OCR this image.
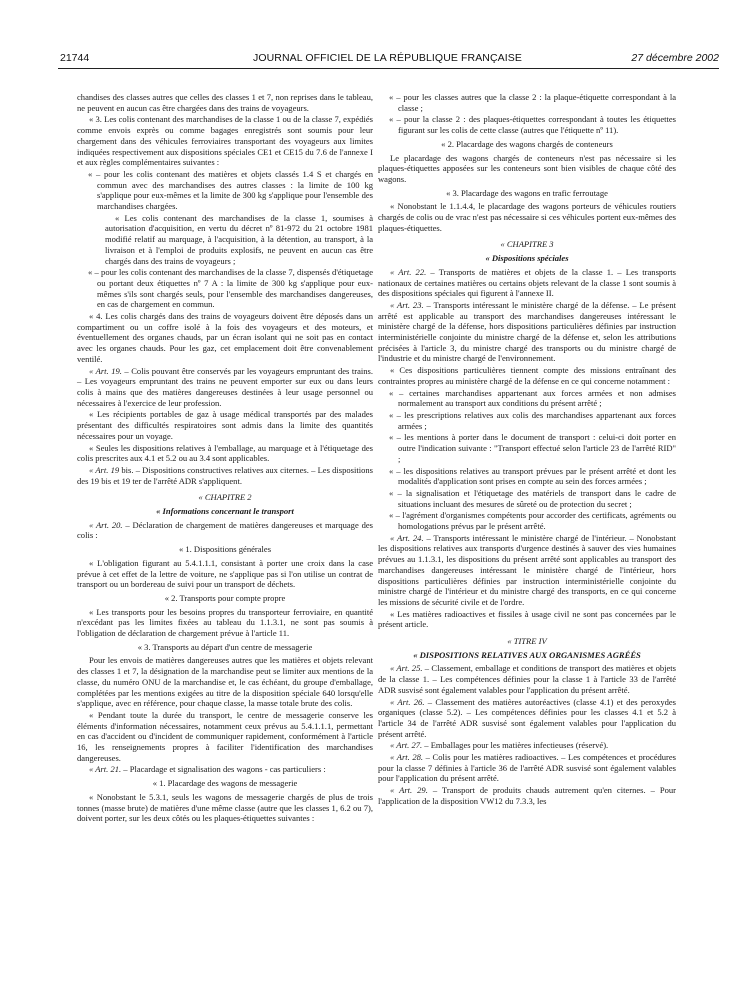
21744	JOURNAL OFFICIEL DE LA RÉPUBLIQUE FRANÇAISE	27 décembre 2002

chandises des classes autres que celles des classes 1 et 7, non reprises dans le tableau, ne peuvent en aucun cas être chargées dans des trains de voyageurs.

« 3. Les colis contenant des marchandises de la classe 1 ou de la classe 7, expédiés comme envois exprès ou comme bagages enregistrés sont soumis pour leur chargement dans des véhicules ferroviaires transportant des voyageurs aux limites indiquées respectivement aux dispositions spéciales CE1 et CE15 du 7.6 de l'annexe I et aux règles complémentaires suivantes :

« – pour les colis contenant des matières et objets classés 1.4 S et chargés en commun avec des marchandises des autres classes : la limite de 100 kg s'applique pour eux-mêmes et la limite de 300 kg s'applique pour l'ensemble des marchandises chargées.
« Les colis contenant des marchandises de la classe 1, soumises à autorisation d'acquisition, en vertu du décret nº 81-972 du 21 octobre 1981 modifié relatif au marquage, à l'acquisition, à la détention, au transport, à la livraison et à l'emploi de produits explosifs, ne peuvent en aucun cas être chargés dans des trains de voyageurs ;
« – pour les colis contenant des marchandises de la classe 7, dispensés d'étiquetage ou portant deux étiquettes nº 7 A : la limite de 300 kg s'applique pour eux-mêmes s'ils sont chargés seuls, pour l'ensemble des marchandises dangereuses, en cas de chargement en commun.

« 4. Les colis chargés dans des trains de voyageurs doivent être déposés dans un compartiment ou un coffre isolé à la fois des voyageurs et des moteurs, et éventuellement des organes chauds, par un écran isolant qui ne soit pas en contact avec les organes chauds. Pour les gaz, cet emplacement doit être convenablement ventilé.

« Art. 19. – Colis pouvant être conservés par les voyageurs empruntant des trains. – Les voyageurs empruntant des trains ne peuvent emporter sur eux ou dans leurs colis à mains que des matières dangereuses destinées à leur usage personnel ou nécessaires à l'exercice de leur profession.

« Les récipients portables de gaz à usage médical transportés par des malades présentant des difficultés respiratoires sont admis dans la limite des quantités nécessaires pour un voyage.

« Seules les dispositions relatives à l'emballage, au marquage et à l'étiquetage des colis prescrites aux 4.1 et 5.2 ou au 3.4 sont applicables.

« Art. 19 bis. – Dispositions constructives relatives aux citernes. – Les dispositions des 19 bis et 19 ter de l'arrêté ADR s'appliquent.

« CHAPITRE 2
« Informations concernant le transport

« Art. 20. – Déclaration de chargement de matières dangereuses et marquage des colis :

« 1. Dispositions générales

« L'obligation figurant au 5.4.1.1.1, consistant à porter une croix dans la case prévue à cet effet de la lettre de voiture, ne s'applique pas si l'on utilise un contrat de transport ou un bordereau de suivi pour un transport de déchets.

« 2. Transports pour compte propre

« Les transports pour les besoins propres du transporteur ferroviaire, en quantité n'excédant pas les limites fixées au tableau du 1.1.3.1, ne sont pas soumis à l'obligation de déclaration de chargement prévue à l'article 11.

« 3. Transports au départ d'un centre de messagerie

Pour les envois de matières dangereuses autres que les matières et objets relevant des classes 1 et 7, la désignation de la marchandise peut se limiter aux mentions de la classe, du numéro ONU de la marchandise et, le cas échéant, du groupe d'emballage, complétées par les mentions exigées au titre de la disposition spéciale 640 lorsqu'elle s'applique, avec en référence, pour chaque classe, la masse totale brute des colis.

« Pendant toute la durée du transport, le centre de messagerie conserve les éléments d'information nécessaires, notamment ceux prévus au 5.4.1.1.1, permettant en cas d'accident ou d'incident de communiquer rapidement, conformément à l'article 16, les renseignements propres à faciliter l'identification des marchandises dangereuses.

« Art. 21. – Placardage et signalisation des wagons - cas particuliers :

« 1. Placardage des wagons de messagerie

« Nonobstant le 5.3.1, seuls les wagons de messagerie chargés de plus de trois tonnes (masse brute) de matières d'une même classe (autre que les classes 1, 6.2 ou 7), doivent porter, sur les deux côtés ou les plaques-étiquettes suivantes :

« – pour les classes autres que la classe 2 : la plaque-étiquette correspondant à la classe ;
« – pour la classe 2 : des plaques-étiquettes correspondant à toutes les étiquettes figurant sur les colis de cette classe (autres que l'étiquette nº 11).
« 2. Placardage des wagons chargés de conteneurs

Le placardage des wagons chargés de conteneurs n'est pas nécessaire si les plaques-étiquettes apposées sur les conteneurs sont bien visibles de chaque côté des wagons.

« 3. Placardage des wagons en trafic ferroutage

« Nonobstant le 1.1.4.4, le placardage des wagons porteurs de véhicules routiers chargés de colis ou de vrac n'est pas nécessaire si ces véhicules portent eux-mêmes des plaques-étiquettes.

« CHAPITRE 3
« Dispositions spéciales

« Art. 22. – Transports de matières et objets de la classe 1. – Les transports nationaux de certaines matières ou certains objets relevant de la classe 1 sont soumis à des dispositions spéciales qui figurent à l'annexe II.

« Art. 23. – Transports intéressant le ministère chargé de la défense. – Le présent arrêté est applicable au transport des marchandises dangereuses intéressant le ministère chargé de la défense, hors dispositions particulières définies par instruction interministérielle conjointe du ministre chargé de la défense et, selon les attributions précisées à l'article 3, du ministre chargé des transports ou du ministre chargé de l'industrie et du ministre chargé de l'environnement.

« Ces dispositions particulières tiennent compte des missions entraînant des contraintes propres au ministère chargé de la défense en ce qui concerne notamment :

« – certaines marchandises appartenant aux forces armées et non admises normalement au transport aux conditions du présent arrêté ;
« – les prescriptions relatives aux colis des marchandises appartenant aux forces armées ;
« – les mentions à porter dans le document de transport : celui-ci doit porter en outre l'indication suivante : "Transport effectué selon l'article 23 de l'arrêté RID" ;
« – les dispositions relatives au transport prévues par le présent arrêté et dont les modalités d'application sont prises en compte au sein des forces armées ;
« – la signalisation et l'étiquetage des matériels de transport dans le cadre de situations incluant des mesures de sûreté ou de protection du secret ;
« – l'agrément d'organismes compétents pour accorder des certificats, agréments ou homologations prévus par le présent arrêté.

« Art. 24. – Transports intéressant le ministère chargé de l'intérieur. – Nonobstant les dispositions relatives aux transports d'urgence destinés à sauver des vies humaines prévues au 1.1.3.1, les dispositions du présent arrêté sont applicables au transport des marchandises dangereuses intéressant le ministère chargé de l'intérieur, hors dispositions particulières définies par instruction interministérielle conjointe du ministre chargé de l'intérieur et du ministre chargé des transports, en ce qui concerne les missions de sécurité civile et de l'ordre.

« Les matières radioactives et fissiles à usage civil ne sont pas concernées par le présent article.

« TITRE IV
« DISPOSITIONS RELATIVES AUX ORGANISMES AGRÉÉS

« Art. 25. – Classement, emballage et conditions de transport des matières et objets de la classe 1. – Les compétences définies pour la classe 1 à l'article 33 de l'arrêté ADR susvisé sont également valables pour l'application du présent arrêté.

« Art. 26. – Classement des matières autoréactives (classe 4.1) et des peroxydes organiques (classe 5.2). – Les compétences définies pour les classes 4.1 et 5.2 à l'article 34 de l'arrêté ADR susvisé sont également valables pour l'application du présent arrêté.

« Art. 27. – Emballages pour les matières infectieuses (réservé).

« Art. 28. – Colis pour les matières radioactives. – Les compétences et procédures pour la classe 7 définies à l'article 36 de l'arrêté ADR susvisé sont également valables pour l'application du présent arrêté.

« Art. 29. – Transport de produits chauds autrement qu'en citernes. – Pour l'application de la disposition VW12 du 7.3.3, les
